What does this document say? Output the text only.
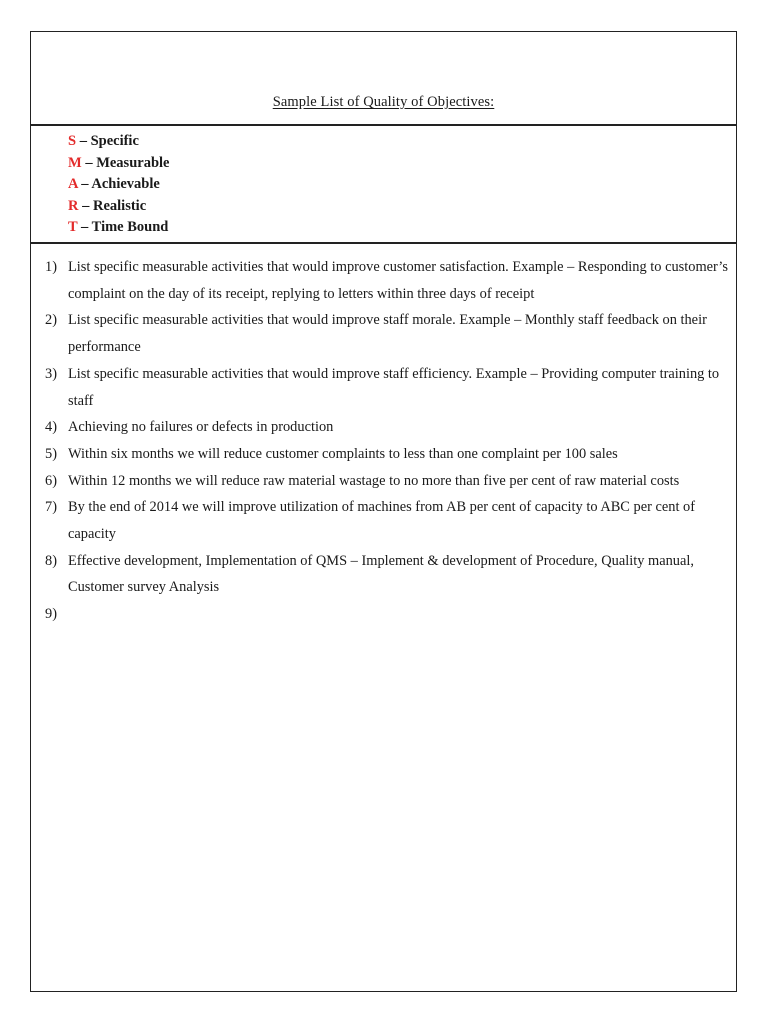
Sample List of Quality of Objectives:
S – Specific
M – Measurable
A – Achievable
R – Realistic
T – Time Bound
1) List specific measurable activities that would improve customer satisfaction. Example – Responding to customer’s complaint on the day of its receipt, replying to letters within three days of receipt
2) List specific measurable activities that would improve staff morale. Example – Monthly staff feedback on their performance
3) List specific measurable activities that would improve staff efficiency. Example – Providing computer training to staff
4) Achieving no failures or defects in production
5) Within six months we will reduce customer complaints to less than one complaint per 100 sales
6) Within 12 months we will reduce raw material wastage to no more than five per cent of raw material costs
7) By the end of 2014 we will improve utilization of machines from AB per cent of capacity to ABC per cent of capacity
8) Effective development, Implementation of QMS – Implement & development of Procedure, Quality manual, Customer survey Analysis
9)
